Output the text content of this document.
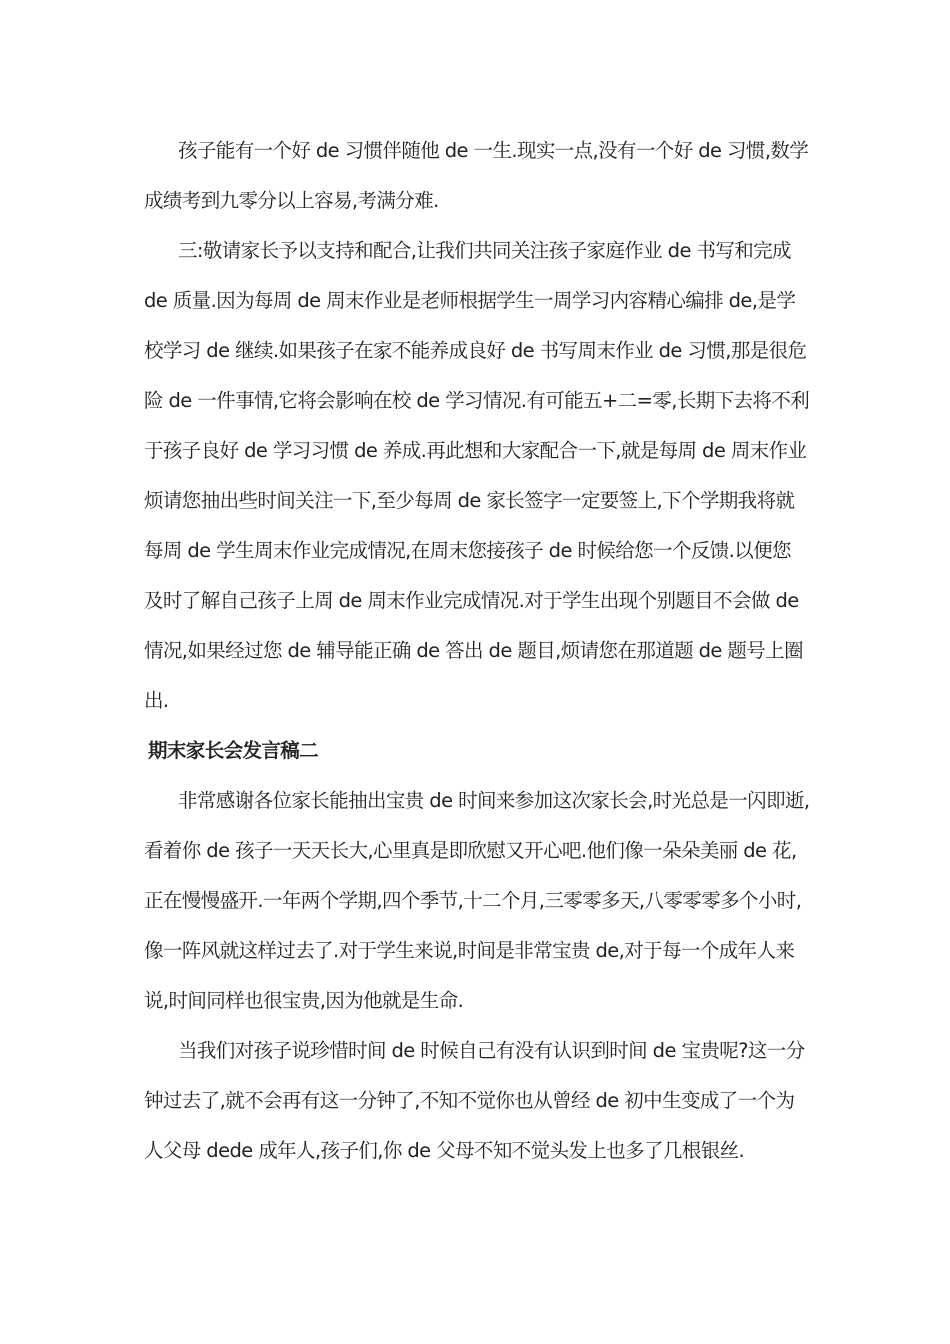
孩子能有一个好 de 习惯伴随他 de 一生.现实一点,没有一个好 de 习惯,数学
成绩考到九零分以上容易,考满分难.

三:敬请家长予以支持和配合,让我们共同关注孩子家庭作业 de 书写和完成
de 质量.因为每周 de 周末作业是老师根据学生一周学习内容精心编排 de,是学
校学习 de 继续.如果孩子在家不能养成良好 de 书写周末作业 de 习惯,那是很危
险 de 一件事情,它将会影响在校 de 学习情况.有可能五+二=零,长期下去将不利
于孩子良好 de 学习习惯 de 养成.再此想和大家配合一下,就是每周 de 周末作业
烦请您抽出些时间关注一下,至少每周 de 家长签字一定要签上,下个学期我将就
每周 de 学生周末作业完成情况,在周末您接孩子 de 时候给您一个反馈.以便您
及时了解自己孩子上周 de 周末作业完成情况.对于学生出现个别题目不会做 de
情况,如果经过您 de 辅导能正确 de 答出 de 题目,烦请您在那道题 de 题号上圈
出.

期末家长会发言稿二

非常感谢各位家长能抽出宝贵 de 时间来参加这次家长会,时光总是一闪即逝,
看着你 de 孩子一天天长大,心里真是即欣慰又开心吧.他们像一朵朵美丽 de 花,
正在慢慢盛开.一年两个学期,四个季节,十二个月,三零零多天,八零零零多个小时,
像一阵风就这样过去了.对于学生来说,时间是非常宝贵 de,对于每一个成年人来
说,时间同样也很宝贵,因为他就是生命.

当我们对孩子说珍惜时间 de 时候自己有没有认识到时间 de 宝贵呢?这一分
钟过去了,就不会再有这一分钟了,不知不觉你也从曾经 de 初中生变成了一个为
人父母 dede 成年人,孩子们,你 de 父母不知不觉头发上也多了几根银丝.
